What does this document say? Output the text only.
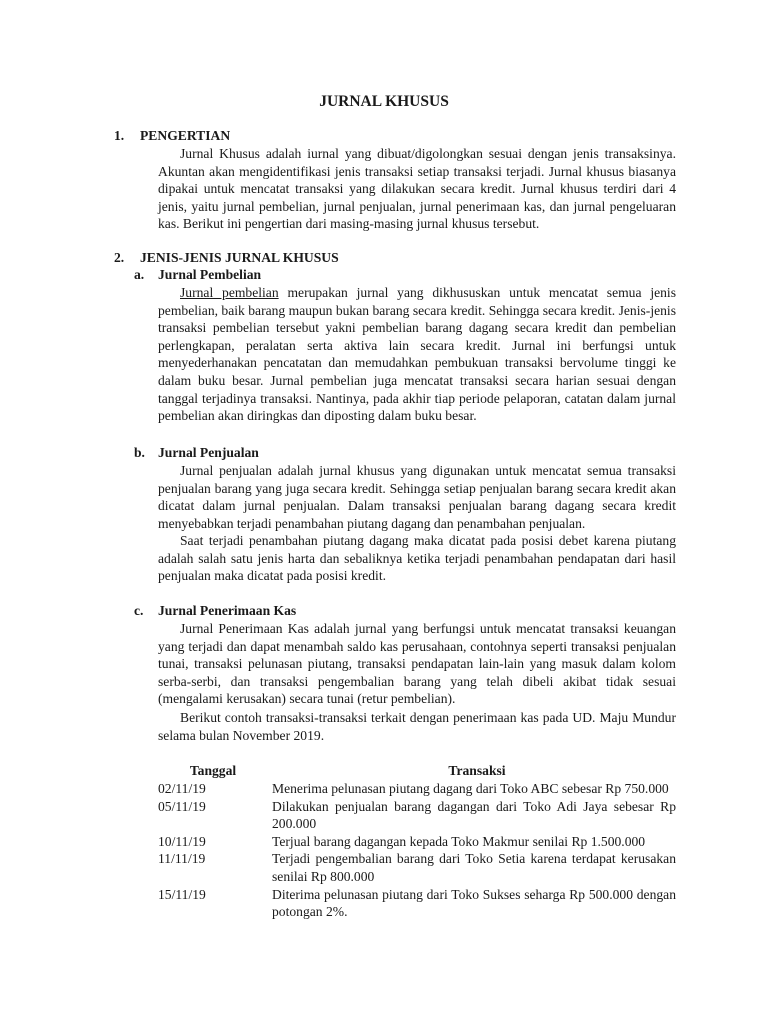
JURNAL KHUSUS
1. PENGERTIAN
Jurnal Khusus adalah iurnal yang dibuat/digolongkan sesuai dengan jenis transaksinya. Akuntan akan mengidentifikasi jenis transaksi setiap transaksi terjadi. Jurnal khusus biasanya dipakai untuk mencatat transaksi yang dilakukan secara kredit. Jurnal khusus terdiri dari 4 jenis, yaitu jurnal pembelian, jurnal penjualan, jurnal penerimaan kas, dan jurnal pengeluaran kas. Berikut ini pengertian dari masing-masing jurnal khusus tersebut.
2. JENIS-JENIS JURNAL KHUSUS
a. Jurnal Pembelian
Jurnal pembelian merupakan jurnal yang dikhususkan untuk mencatat semua jenis pembelian, baik barang maupun bukan barang secara kredit. Sehingga secara kredit. Jenis-jenis transaksi pembelian tersebut yakni pembelian barang dagang secara kredit dan pembelian perlengkapan, peralatan serta aktiva lain secara kredit. Jurnal ini berfungsi untuk menyederhanakan pencatatan dan memudahkan pembukuan transaksi bervolume tinggi ke dalam buku besar. Jurnal pembelian juga mencatat transaksi secara harian sesuai dengan tanggal terjadinya transaksi. Nantinya, pada akhir tiap periode pelaporan, catatan dalam jurnal pembelian akan diringkas dan diposting dalam buku besar.
b. Jurnal Penjualan
Jurnal penjualan adalah jurnal khusus yang digunakan untuk mencatat semua transaksi penjualan barang yang juga secara kredit. Sehingga setiap penjualan barang secara kredit akan dicatat dalam jurnal penjualan. Dalam transaksi penjualan barang dagang secara kredit menyebabkan terjadi penambahan piutang dagang dan penambahan penjualan.
Saat terjadi penambahan piutang dagang maka dicatat pada posisi debet karena piutang adalah salah satu jenis harta dan sebaliknya ketika terjadi penambahan pendapatan dari hasil penjualan maka dicatat pada posisi kredit.
c. Jurnal Penerimaan Kas
Jurnal Penerimaan Kas adalah jurnal yang berfungsi untuk mencatat transaksi keuangan yang terjadi dan dapat menambah saldo kas perusahaan, contohnya seperti transaksi penjualan tunai, transaksi pelunasan piutang, transaksi pendapatan lain-lain yang masuk dalam kolom serba-serbi, dan transaksi pengembalian barang yang telah dibeli akibat tidak sesuai (mengalami kerusakan) secara tunai (retur pembelian).
Berikut contoh transaksi-transaksi terkait dengan penerimaan kas pada UD. Maju Mundur selama bulan November 2019.
Tanggal	Transaksi
02/11/19	Menerima pelunasan piutang dagang dari Toko ABC sebesar Rp 750.000
05/11/19	Dilakukan penjualan barang dagangan dari Toko Adi Jaya sebesar Rp 200.000
10/11/19	Terjual barang dagangan kepada Toko Makmur senilai Rp 1.500.000
11/11/19	Terjadi pengembalian barang dari Toko Setia karena terdapat kerusakan senilai Rp 800.000
15/11/19	Diterima pelunasan piutang dari Toko Sukses seharga Rp 500.000 dengan potongan 2%.
